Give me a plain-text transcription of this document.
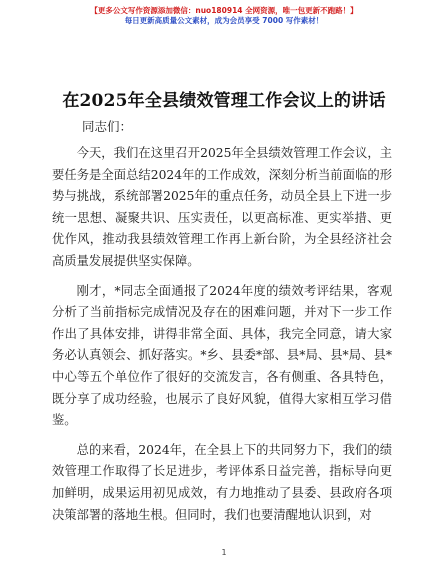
【更多公文写作资源添加微信：nuo180914 全网资源，唯一包更新不跑路！】
每日更新高质量公文素材，成为会员享受 7000 写作素材！
在2025年全县绩效管理工作会议上的讲话
同志们：

今天，我们在这里召开2025年全县绩效管理工作会议，主要任务是全面总结2024年的工作成效，深刻分析当前面临的形势与挑战，系统部署2025年的重点任务，动员全县上下进一步统一思想、凝聚共识、压实责任，以更高标准、更实举措、更优作风，推动我县绩效管理工作再上新台阶，为全县经济社会高质量发展提供坚实保障。

刚才，*同志全面通报了2024年度的绩效考评结果，客观分析了当前指标完成情况及存在的困难问题，并对下一步工作作出了具体安排，讲得非常全面、具体，我完全同意，请大家务必认真领会、抓好落实。*乡、县委*部、县*局、县*局、县*中心等五个单位作了很好的交流发言，各有侧重、各具特色，既分享了成功经验，也展示了良好风貌，值得大家相互学习借鉴。

总的来看，2024年，在全县上下的共同努力下，我们的绩效管理工作取得了长足进步，考评体系日益完善，指标导向更加鲜明，成果运用初见成效，有力地推动了县委、县政府各项决策部署的落地生根。但同时，我们也要清醒地认识到，对

1
